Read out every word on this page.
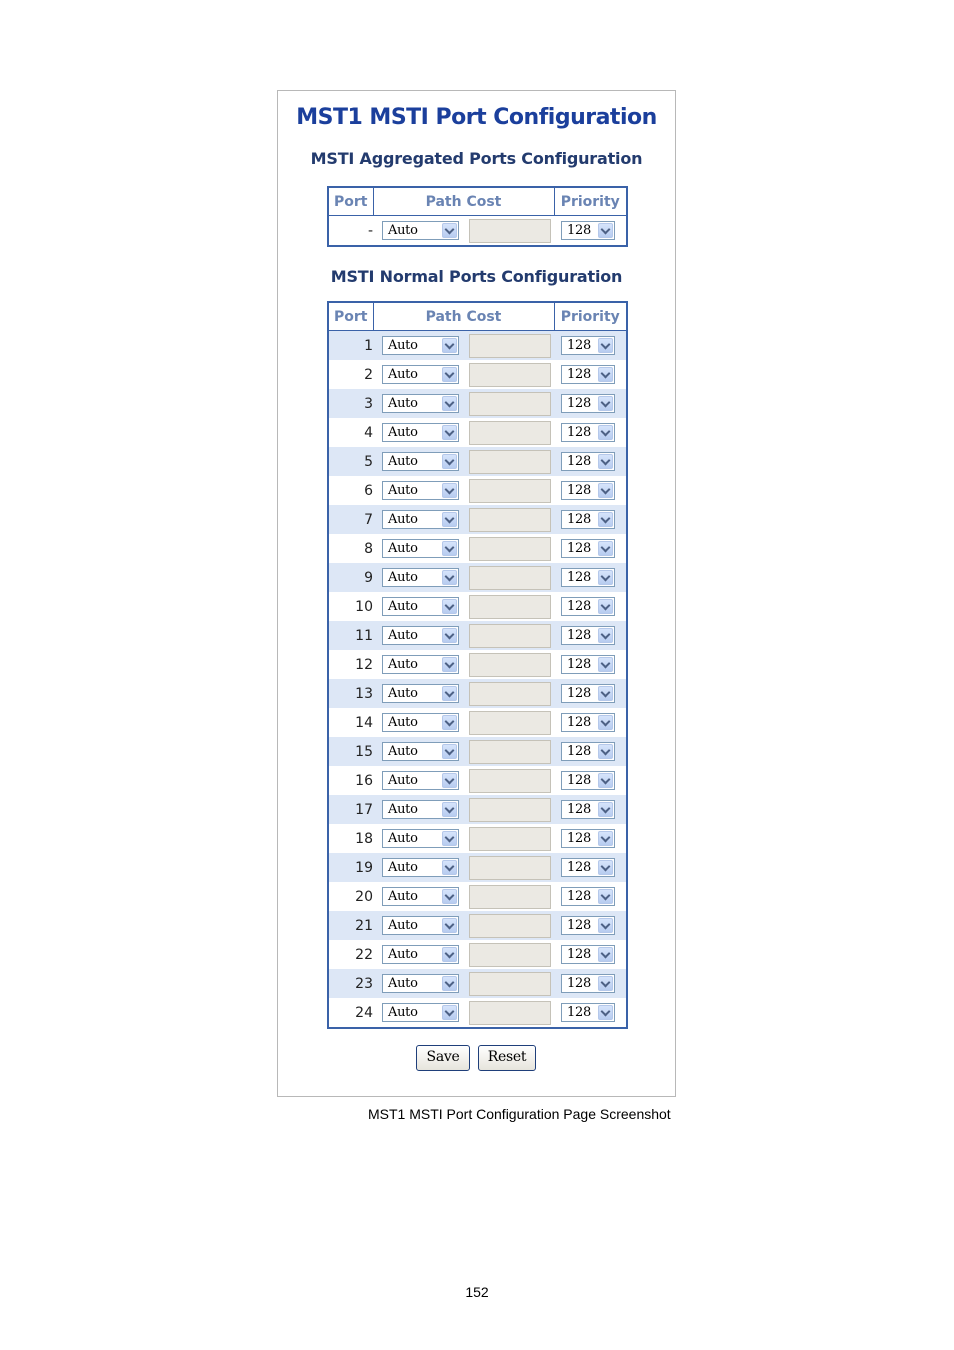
MST1 MSTI Port Configuration
MSTI Aggregated Ports Configuration
Port	Path Cost	Priority
-	Auto	128
MSTI Normal Ports Configuration
Port	Path Cost	Priority
1	Auto	128

2	Auto	128

3	Auto	128

4	Auto	128

5	Auto	128

6	Auto	128

7	Auto	128

8	Auto	128

9	Auto	128

10	Auto	128

11	Auto	128

12	Auto	128

13	Auto	128

14	Auto	128

15	Auto	128

16	Auto	128

17	Auto	128

18	Auto	128

19	Auto	128

20	Auto	128

21	Auto	128

22	Auto	128

23	Auto	128

24	Auto	128
Save	Reset
MST1 MSTI Port Configuration Page Screenshot
152
